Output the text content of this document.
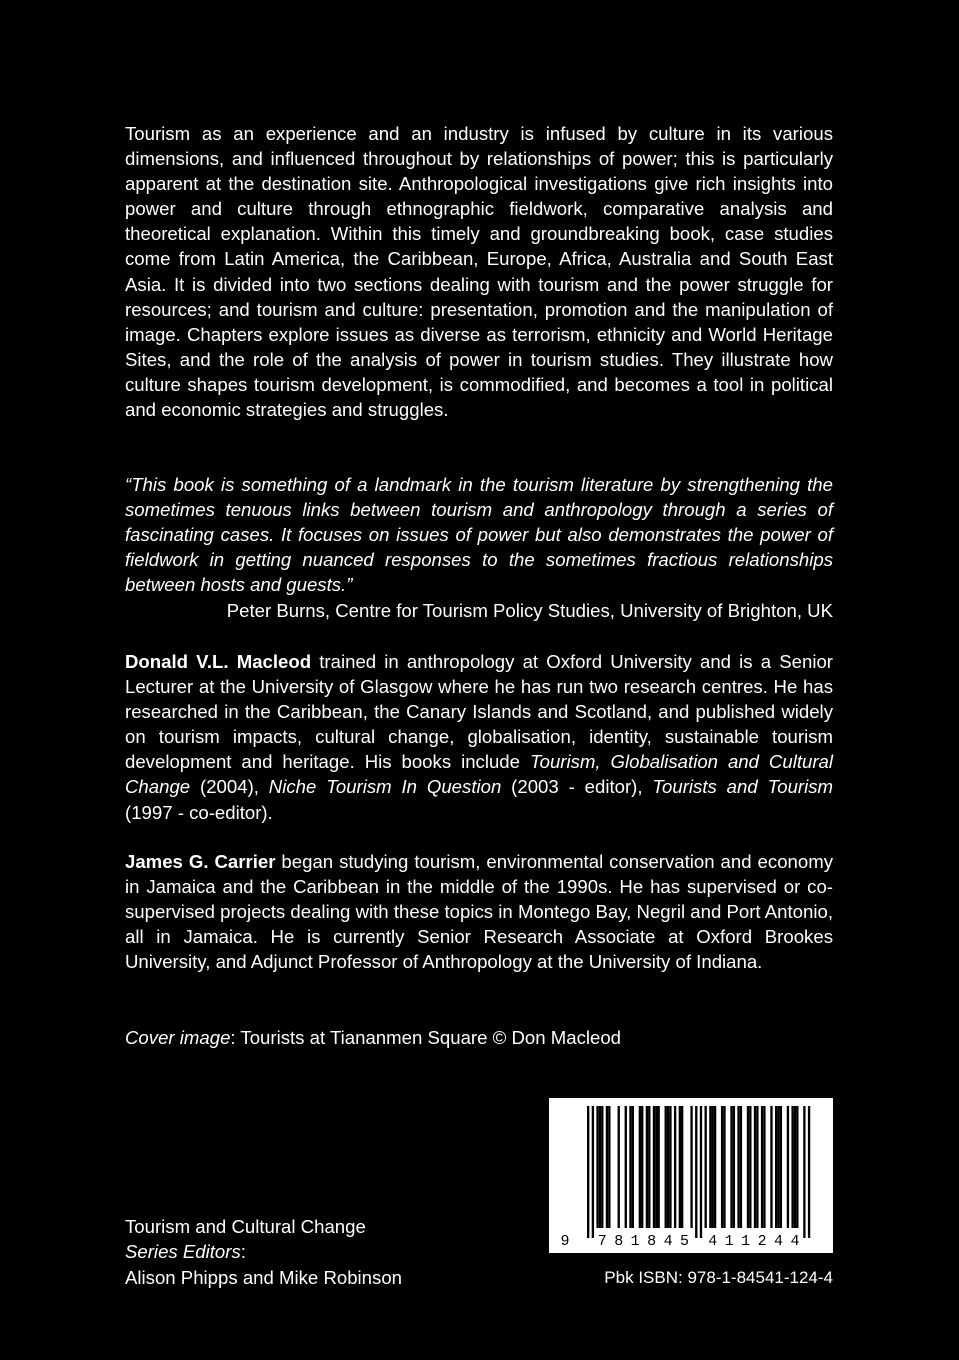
Tourism as an experience and an industry is infused by culture in its various dimensions, and influenced throughout by relationships of power; this is particularly apparent at the destination site. Anthropological investigations give rich insights into power and culture through ethnographic fieldwork, comparative analysis and theoretical explanation. Within this timely and groundbreaking book, case studies come from Latin America, the Caribbean, Europe, Africa, Australia and South East Asia. It is divided into two sections dealing with tourism and the power struggle for resources; and tourism and culture: presentation, promotion and the manipulation of image. Chapters explore issues as diverse as terrorism, ethnicity and World Heritage Sites, and the role of the analysis of power in tourism studies. They illustrate how culture shapes tourism development, is commodified, and becomes a tool in political and economic strategies and struggles.

“This book is something of a landmark in the tourism literature by strengthening the sometimes tenuous links between tourism and anthropology through a series of fascinating cases. It focuses on issues of power but also demonstrates the power of fieldwork in getting nuanced responses to the sometimes fractious relationships between hosts and guests.”
Peter Burns, Centre for Tourism Policy Studies, University of Brighton, UK

Donald V.L. Macleod trained in anthropology at Oxford University and is a Senior Lecturer at the University of Glasgow where he has run two research centres. He has researched in the Caribbean, the Canary Islands and Scotland, and published widely on tourism impacts, cultural change, globalisation, identity, sustainable tourism development and heritage. His books include Tourism, Globalisation and Cultural Change (2004), Niche Tourism In Question (2003 - editor), Tourists and Tourism (1997 - co-editor).

James G. Carrier began studying tourism, environmental conservation and economy in Jamaica and the Caribbean in the middle of the 1990s. He has supervised or co-supervised projects dealing with these topics in Montego Bay, Negril and Port Antonio, all in Jamaica. He is currently Senior Research Associate at Oxford Brookes University, and Adjunct Professor of Anthropology at the University of Indiana.

Cover image: Tourists at Tiananmen Square © Don Macleod

Tourism and Cultural Change
Series Editors:
Alison Phipps and Mike Robinson
9 7 8 1 8 4 5 4 1 1 2 4 4
Pbk ISBN: 978-1-84541-124-4
